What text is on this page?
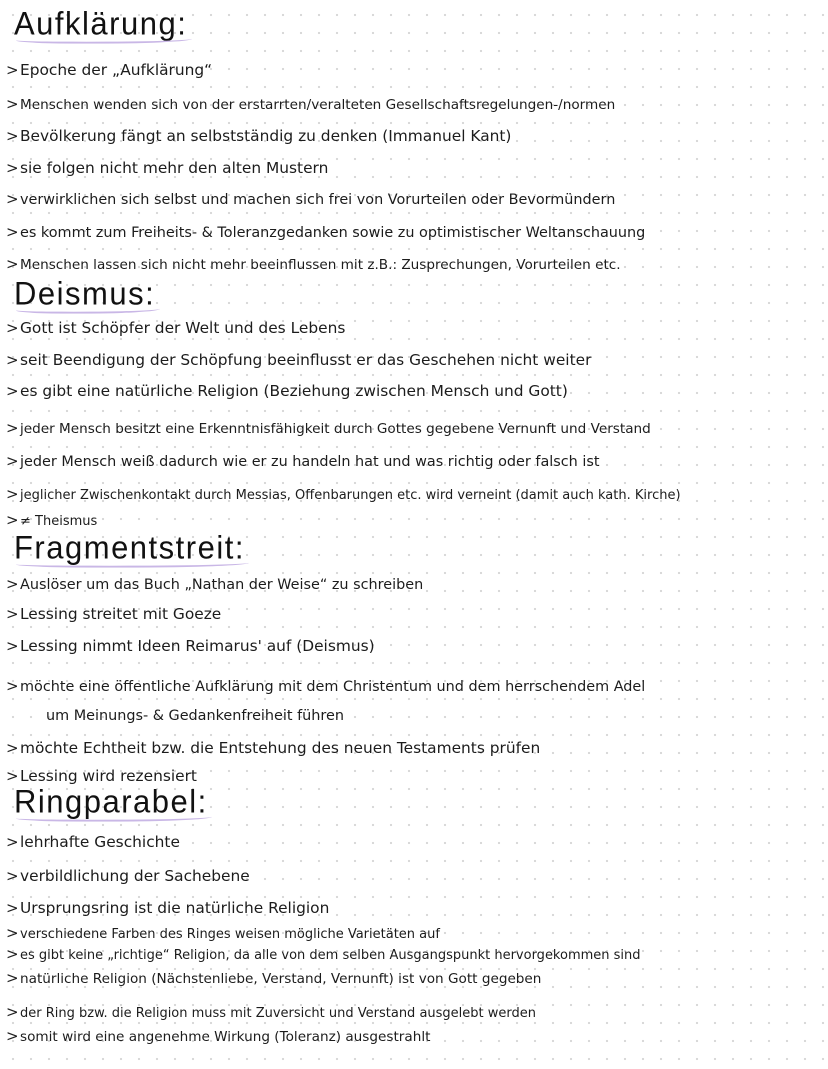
Aufklärung:
>Epoche der „Aufklärung“
>Menschen wenden sich von der erstarrten/veralteten Gesellschaftsregelungen-/normen
>Bevölkerung fängt an selbstständig zu denken (Immanuel Kant)
>sie folgen nicht mehr den alten Mustern
>verwirklichen sich selbst und machen sich frei von Vorurteilen oder Bevormündern
>es kommt zum Freiheits- & Toleranzgedanken sowie zu optimistischer Weltanschauung
>Menschen lassen sich nicht mehr beeinflussen mit z.B.: Zusprechungen, Vorurteilen etc.
Deismus:
>Gott ist Schöpfer der Welt und des Lebens
>seit Beendigung der Schöpfung beeinflusst er das Geschehen nicht weiter
>es gibt eine natürliche Religion (Beziehung zwischen Mensch und Gott)
>jeder Mensch besitzt eine Erkenntnisfähigkeit durch Gottes gegebene Vernunft und Verstand
>jeder Mensch weiß dadurch wie er zu handeln hat und was richtig oder falsch ist
>jeglicher Zwischenkontakt durch Messias, Offenbarungen etc. wird verneint (damit auch kath. Kirche)
>≠ Theismus
Fragmentstreit:
>Auslöser um das Buch „Nathan der Weise“ zu schreiben
>Lessing streitet mit Goeze
>Lessing nimmt Ideen Reimarus' auf (Deismus)
>möchte eine öffentliche Aufklärung mit dem Christentum und dem herrschendem Adel
um Meinungs- & Gedankenfreiheit führen
>möchte Echtheit bzw. die Entstehung des neuen Testaments prüfen
>Lessing wird rezensiert
Ringparabel:
>lehrhafte Geschichte
>verbildlichung der Sachebene
>Ursprungsring ist die natürliche Religion
>verschiedene Farben des Ringes weisen mögliche Varietäten auf
>es gibt keine „richtige“ Religion, da alle von dem selben Ausgangspunkt hervorgekommen sind
>natürliche Religion (Nächstenliebe, Verstand, Vernunft) ist von Gott gegeben
>der Ring bzw. die Religion muss mit Zuversicht und Verstand ausgelebt werden
>somit wird eine angenehme Wirkung (Toleranz) ausgestrahlt
